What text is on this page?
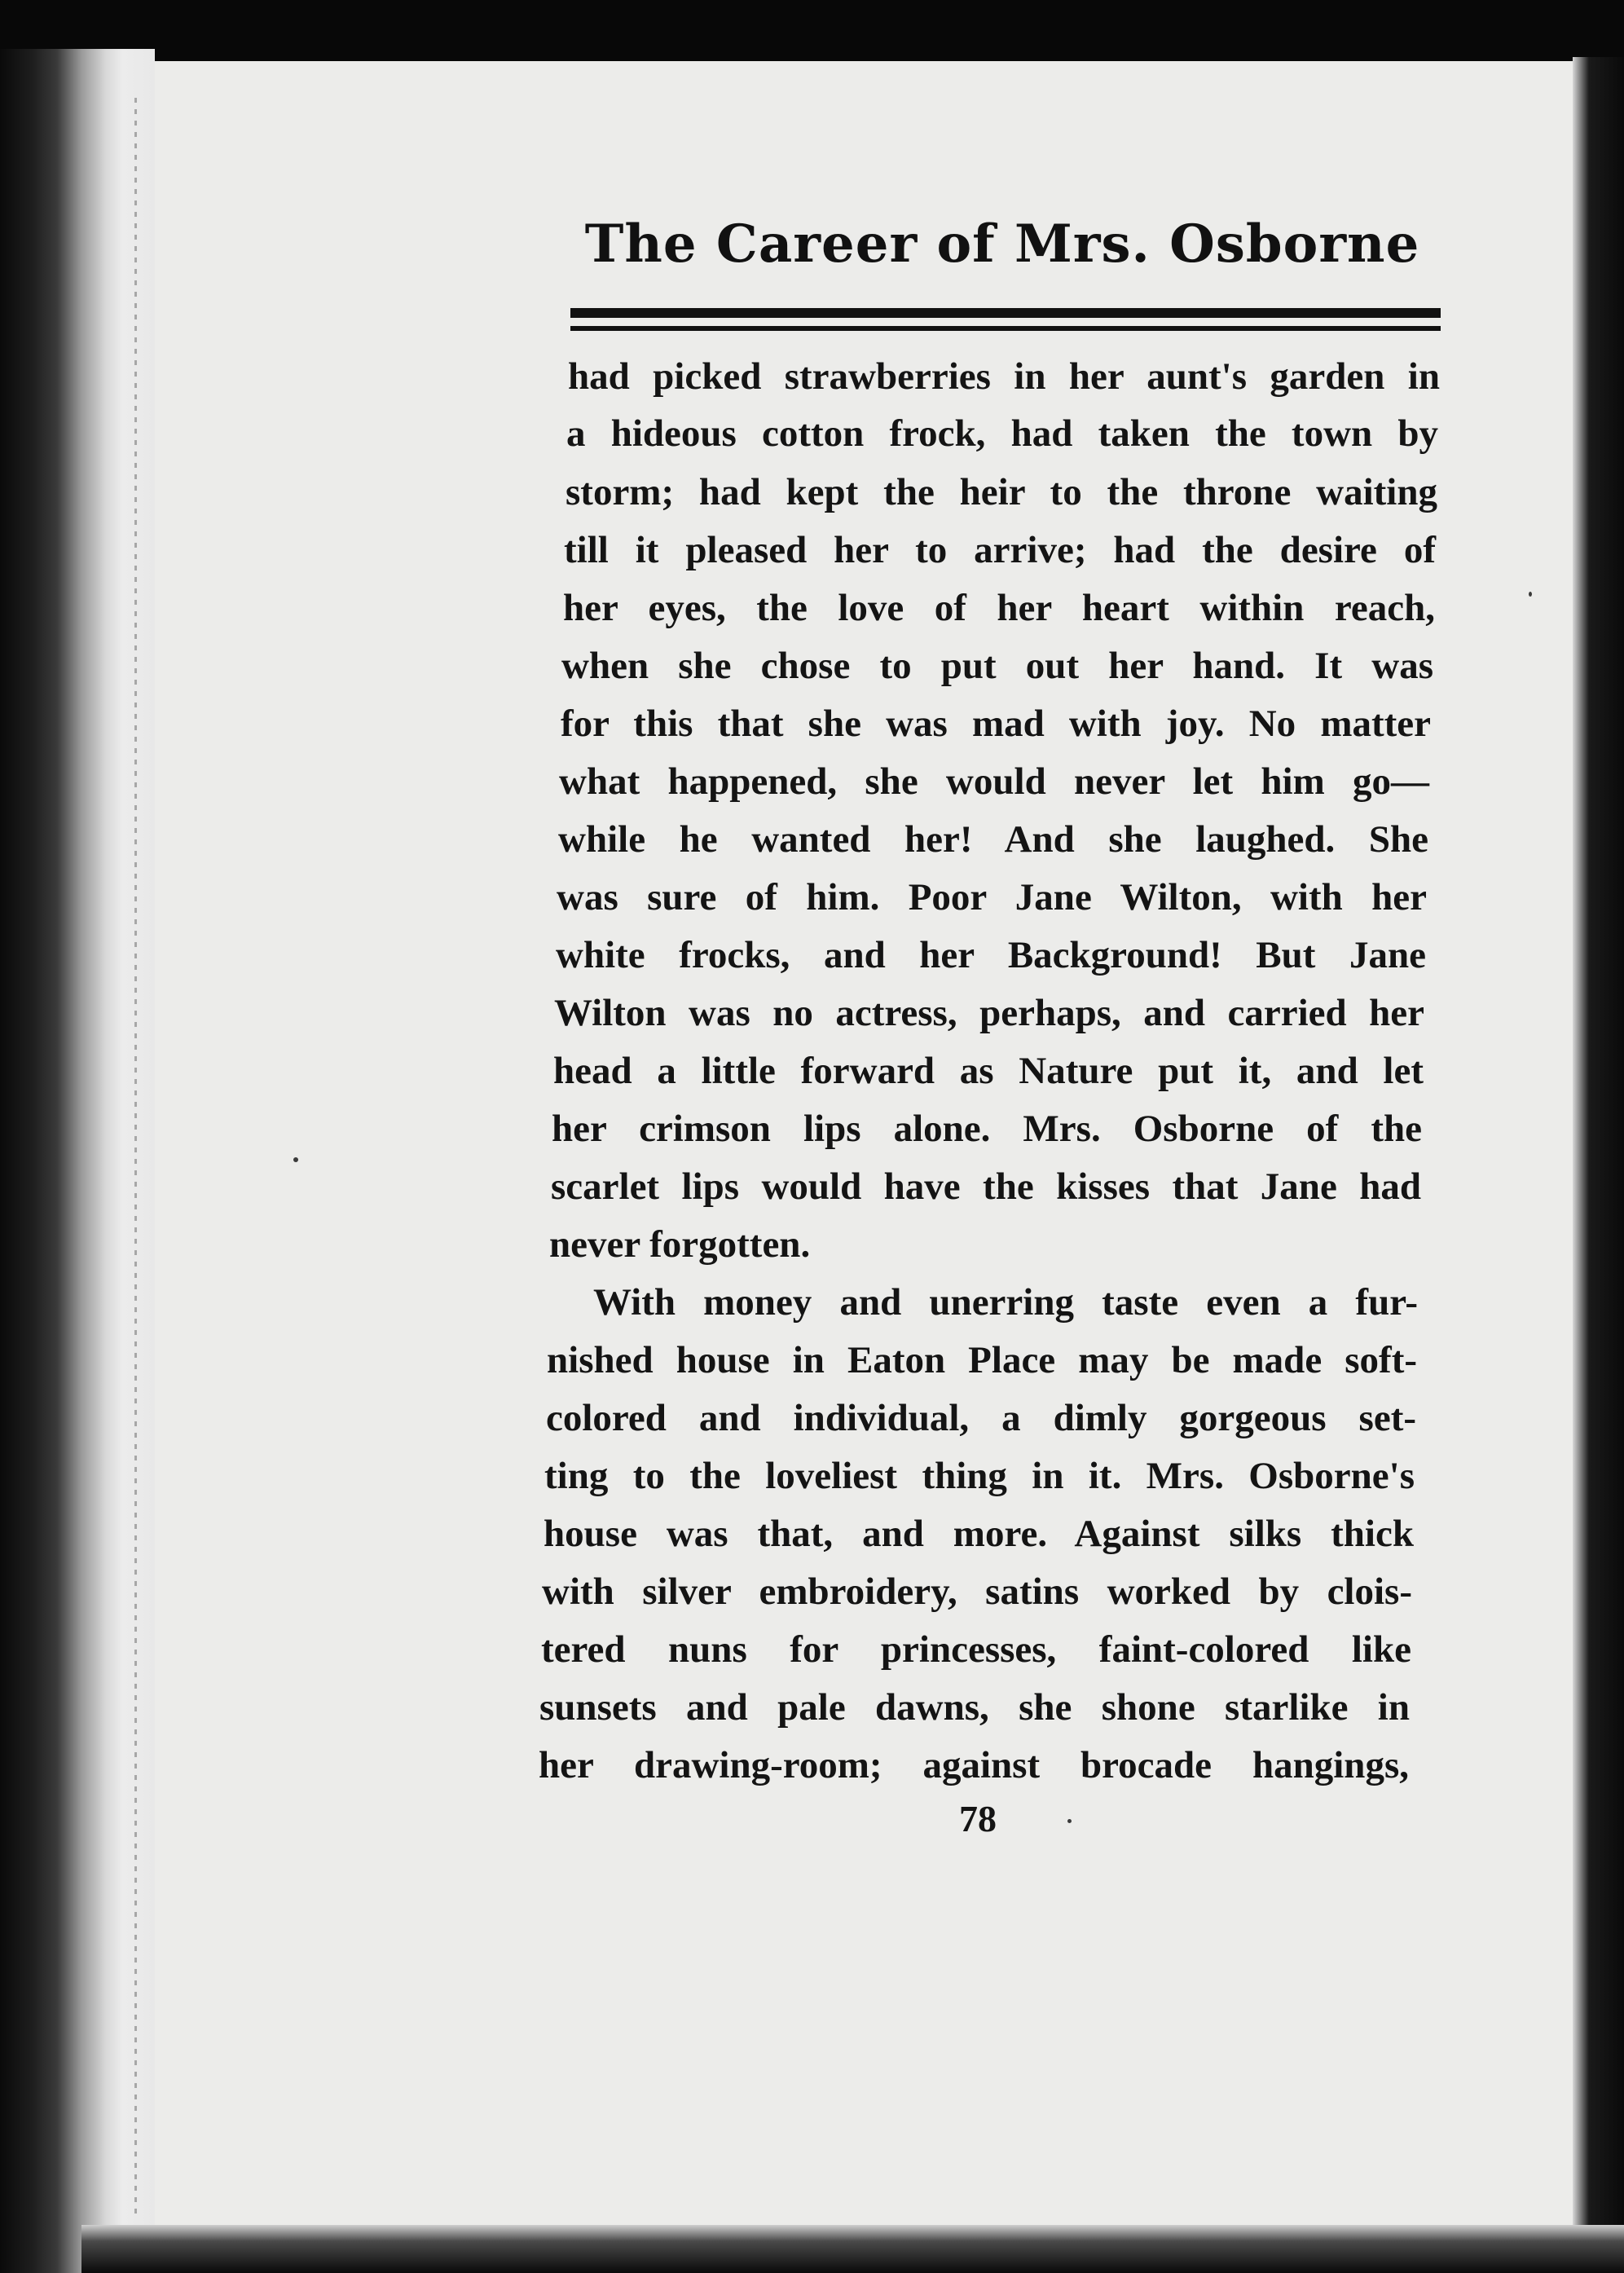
The Career of Mrs. Osborne
had picked strawberries in her aunt's garden in
a hideous cotton frock, had taken the town by
storm; had kept the heir to the throne waiting
till it pleased her to arrive; had the desire of
her eyes, the love of her heart within reach,
when she chose to put out her hand. It was
for this that she was mad with joy. No matter
what happened, she would never let him go—
while he wanted her! And she laughed. She
was sure of him. Poor Jane Wilton, with her
white frocks, and her Background! But Jane
Wilton was no actress, perhaps, and carried her
head a little forward as Nature put it, and let
her crimson lips alone. Mrs. Osborne of the
scarlet lips would have the kisses that Jane had
never forgotten.
With money and unerring taste even a fur-
nished house in Eaton Place may be made soft-
colored and individual, a dimly gorgeous set-
ting to the loveliest thing in it. Mrs. Osborne's
house was that, and more. Against silks thick
with silver embroidery, satins worked by clois-
tered nuns for princesses, faint-colored like
sunsets and pale dawns, she shone starlike in
her drawing-room; against brocade hangings,
78
